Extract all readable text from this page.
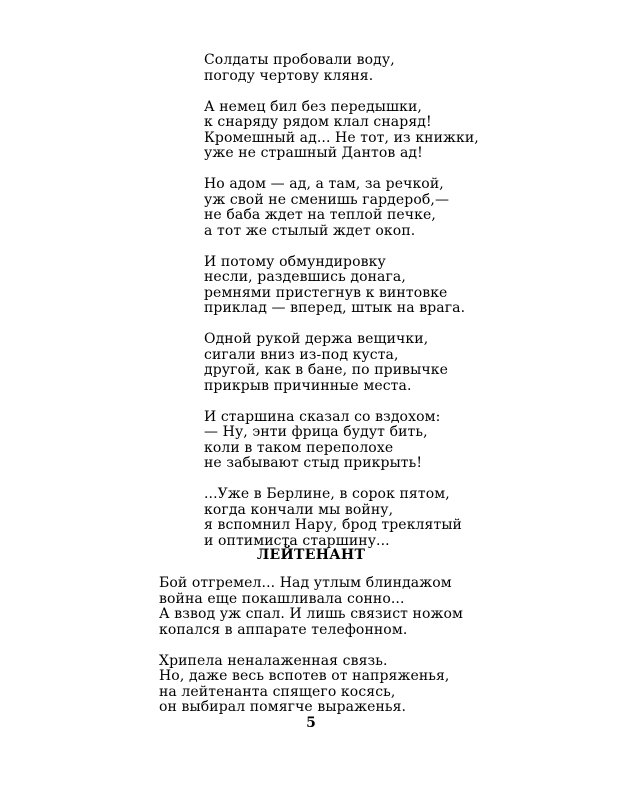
Солдаты пробовали воду,
погоду чертову кляня.
А немец бил без передышки,
к снаряду рядом клал снаряд!
Кромешный ад... Не тот, из книжки,
уже не страшный Дантов ад!
Но адом — ад, а там, за речкой,
уж свой не сменишь гардероб,—
не баба ждет на теплой печке,
а тот же стылый ждет окоп.
И потому обмундировку
несли, раздевшись донага,
ремнями пристегнув к винтовке
приклад — вперед, штык на врага.
Одной рукой держа вещички,
сигали вниз из-под куста,
другой, как в бане, по привычке
прикрыв причинные места.
И старшина сказал со вздохом:
— Ну, энти фрица будут бить,
коли в таком переполохе
не забывают стыд прикрыть!
...Уже в Берлине, в сорок пятом,
когда кончали мы войну,
я вспомнил Нару, брод треклятый
и оптимиста старшину...
ЛЕЙТЕНАНТ
Бой отгремел... Над утлым блиндажом
война еще покашливала сонно...
А взвод уж спал. И лишь связист ножом
копался в аппарате телефонном.
Хрипела неналаженная связь.
Но, даже весь вспотев от напряженья,
на лейтенанта спящего косясь,
он выбирал помягче выраженья.
5
